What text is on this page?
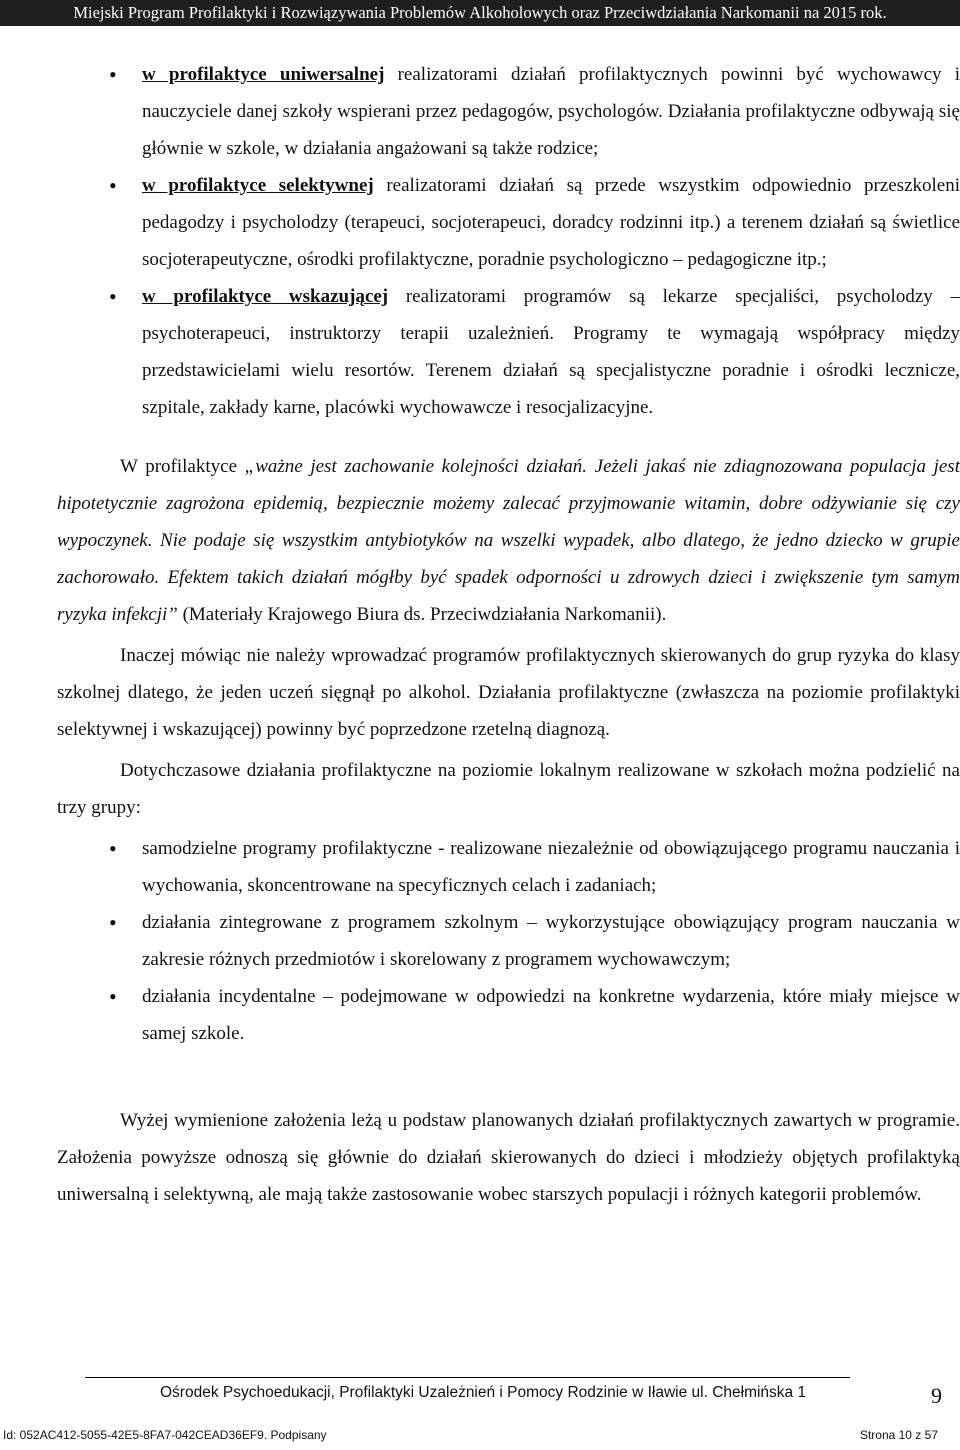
Miejski Program Profilaktyki i Rozwiązywania Problemów Alkoholowych oraz Przeciwdziałania Narkomanii na 2015 rok.
• w profilaktyce uniwersalnej realizatorami działań profilaktycznych powinni być wychowawcy i nauczyciele danej szkoły wspierani przez pedagogów, psychologów. Działania profilaktyczne odbywają się głównie w szkole, w działania angażowani są także rodzice;
• w profilaktyce selektywnej realizatorami działań są przede wszystkim odpowiednio przeszkoleni pedagodzy i psycholodzy (terapeuci, socjoterapeuci, doradcy rodzinni itp.) a terenem działań są świetlice socjoterapeutyczne, ośrodki profilaktyczne, poradnie psychologiczno – pedagogiczne itp.;
• w profilaktyce wskazującej realizatorami programów są lekarze specjaliści, psycholodzy – psychoterapeuci, instruktorzy terapii uzależnień. Programy te wymagają współpracy między przedstawicielami wielu resortów. Terenem działań są specjalistyczne poradnie i ośrodki lecznicze, szpitale, zakłady karne, placówki wychowawcze i resocjalizacyjne.

W profilaktyce „ważne jest zachowanie kolejności działań. Jeżeli jakaś nie zdiagnozowana populacja jest hipotetycznie zagrożona epidemią, bezpiecznie możemy zalecać przyjmowanie witamin, dobre odżywianie się czy wypoczynek. Nie podaje się wszystkim antybiotyków na wszelki wypadek, albo dlatego, że jedno dziecko w grupie zachorowało. Efektem takich działań mógłby być spadek odporności u zdrowych dzieci i zwiększenie tym samym ryzyka infekcji” (Materiały Krajowego Biura ds. Przeciwdziałania Narkomanii).

Inaczej mówiąc nie należy wprowadzać programów profilaktycznych skierowanych do grup ryzyka do klasy szkolnej dlatego, że jeden uczeń sięgnął po alkohol. Działania profilaktyczne (zwłaszcza na poziomie profilaktyki selektywnej i wskazującej) powinny być poprzedzone rzetelną diagnozą.

Dotychczasowe działania profilaktyczne na poziomie lokalnym realizowane w szkołach można podzielić na trzy grupy:

• samodzielne programy profilaktyczne - realizowane niezależnie od obowiązującego programu nauczania i wychowania, skoncentrowane na specyficznych celach i zadaniach;
• działania zintegrowane z programem szkolnym – wykorzystujące obowiązujący program nauczania w zakresie różnych przedmiotów i skorelowany z programem wychowawczym;
• działania incydentalne – podejmowane w odpowiedzi na konkretne wydarzenia, które miały miejsce w samej szkole.

Wyżej wymienione założenia leżą u podstaw planowanych działań profilaktycznych zawartych w programie. Założenia powyższe odnoszą się głównie do działań skierowanych do dzieci i młodzieży objętych profilaktyką uniwersalną i selektywną, ale mają także zastosowanie wobec starszych populacji i różnych kategorii problemów.

Ośrodek Psychoedukacji, Profilaktyki Uzależnień i Pomocy Rodzinie w Iławie ul. Chełmińska 1	9
Id: 052AC412-5055-42E5-8FA7-042CEAD36EF9. Podpisany	Strona 10 z 57
